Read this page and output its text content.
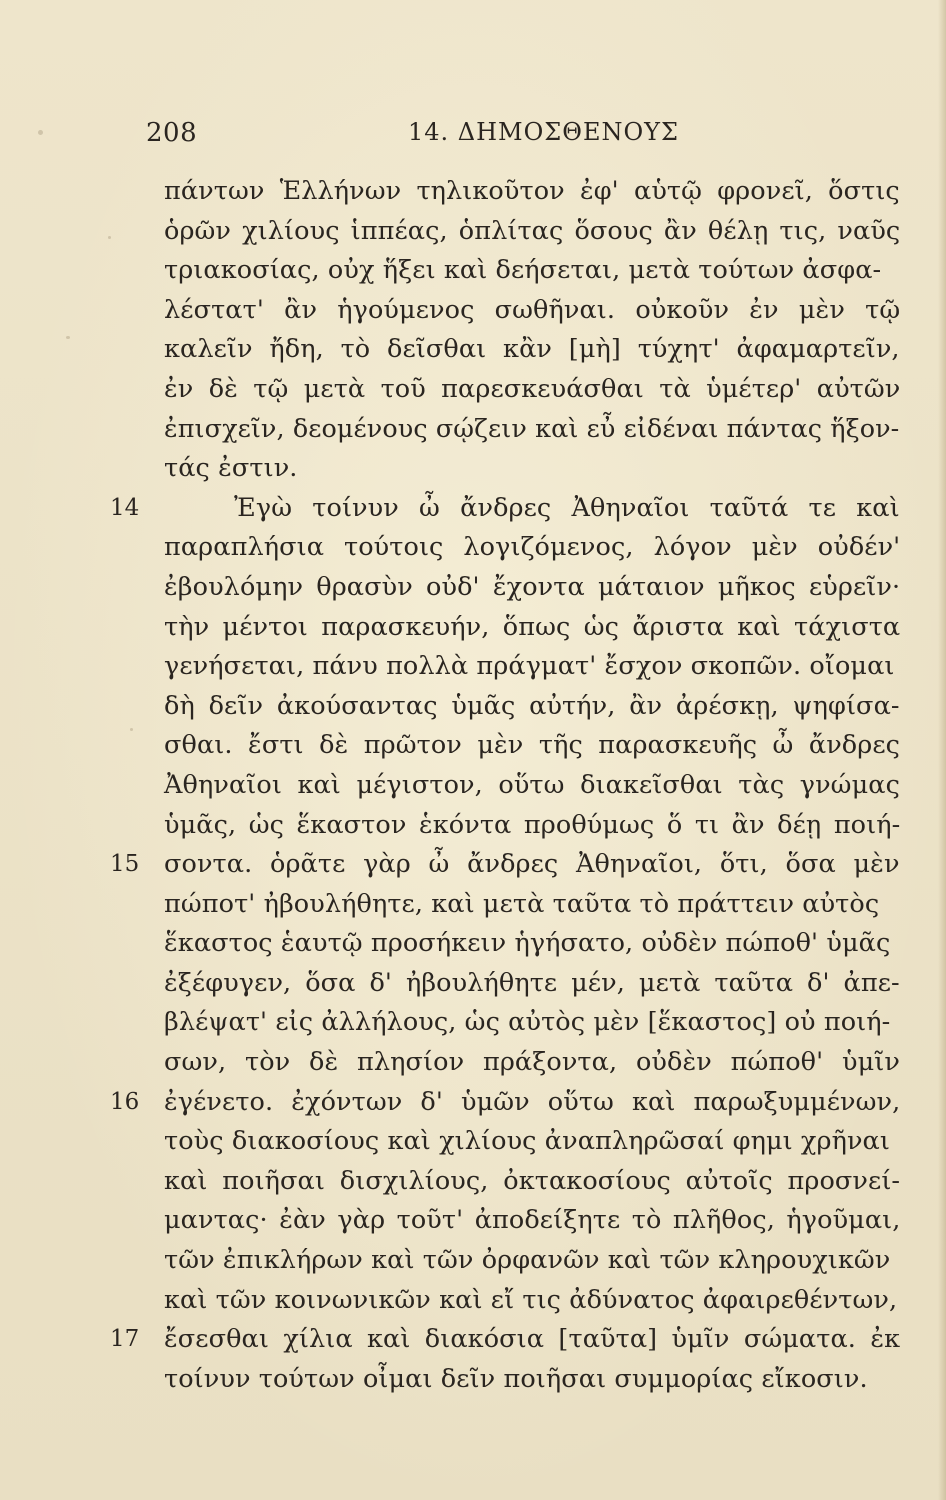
208	14. ΔΗΜΟΣΘΕΝΟΥΣ
πάντων Ἑλλήνων τηλικοῦτον ἐφ' αὑτῷ φρονεῖ, ὅστις
ὁρῶν χιλίους ἱππέας, ὁπλίτας ὅσους ἂν θέλῃ τις, ναῦς
τριακοσίας, οὐχ ἥξει καὶ δεήσεται, μετὰ τούτων ἀσφα-
λέστατ' ἂν ἡγούμενος σωθῆναι. οὐκοῦν ἐν μὲν τῷ
καλεῖν ἤδη, τὸ δεῖσθαι κἂν [μὴ] τύχητ' ἀφαμαρτεῖν,
ἐν δὲ τῷ μετὰ τοῦ παρεσκευάσθαι τὰ ὑμέτερ' αὐτῶν
ἐπισχεῖν, δεομένους σῴζειν καὶ εὖ εἰδέναι πάντας ἥξον-
τάς ἐστιν.
14	Ἐγὼ τοίνυν ὦ ἄνδρες Ἀθηναῖοι ταῦτά τε καὶ
παραπλήσια τούτοις λογιζόμενος, λόγον μὲν οὐδέν'
ἐβουλόμην θρασὺν οὐδ' ἔχοντα μάταιον μῆκος εὑρεῖν·
τὴν μέντοι παρασκευήν, ὅπως ὡς ἄριστα καὶ τάχιστα
γενήσεται, πάνυ πολλὰ πράγματ' ἔσχον σκοπῶν. οἴομαι
δὴ δεῖν ἀκούσαντας ὑμᾶς αὐτήν, ἂν ἀρέσκῃ, ψηφίσα-
σθαι. ἔστι δὲ πρῶτον μὲν τῆς παρασκευῆς ὦ ἄνδρες
Ἀθηναῖοι καὶ μέγιστον, οὕτω διακεῖσθαι τὰς γνώμας
ὑμᾶς, ὡς ἕκαστον ἑκόντα προθύμως ὅ τι ἂν δέῃ ποιή-
15 σοντα. ὁρᾶτε γὰρ ὦ ἄνδρες Ἀθηναῖοι, ὅτι, ὅσα μὲν
πώποτ' ἠβουλήθητε, καὶ μετὰ ταῦτα τὸ πράττειν αὐτὸς
ἕκαστος ἑαυτῷ προσήκειν ἡγήσατο, οὐδὲν πώποθ' ὑμᾶς
ἐξέφυγεν, ὅσα δ' ἠβουλήθητε μέν, μετὰ ταῦτα δ' ἀπε-
βλέψατ' εἰς ἀλλήλους, ὡς αὐτὸς μὲν [ἕκαστος] οὐ ποιή-
σων, τὸν δὲ πλησίον πράξοντα, οὐδὲν πώποθ' ὑμῖν
16 ἐγένετο. ἐχόντων δ' ὑμῶν οὕτω καὶ παρωξυμμένων,
τοὺς διακοσίους καὶ χιλίους ἀναπληρῶσαί φημι χρῆναι
καὶ ποιῆσαι δισχιλίους, ὀκτακοσίους αὐτοῖς προσνεί-
μαντας· ἐὰν γὰρ τοῦτ' ἀποδείξητε τὸ πλῆθος, ἡγοῦμαι,
τῶν ἐπικλήρων καὶ τῶν ὀρφανῶν καὶ τῶν κληρουχικῶν
καὶ τῶν κοινωνικῶν καὶ εἴ τις ἀδύνατος ἀφαιρεθέντων,
17 ἔσεσθαι χίλια καὶ διακόσια [ταῦτα] ὑμῖν σώματα. ἐκ
τοίνυν τούτων οἶμαι δεῖν ποιῆσαι συμμορίας εἴκοσιν.
